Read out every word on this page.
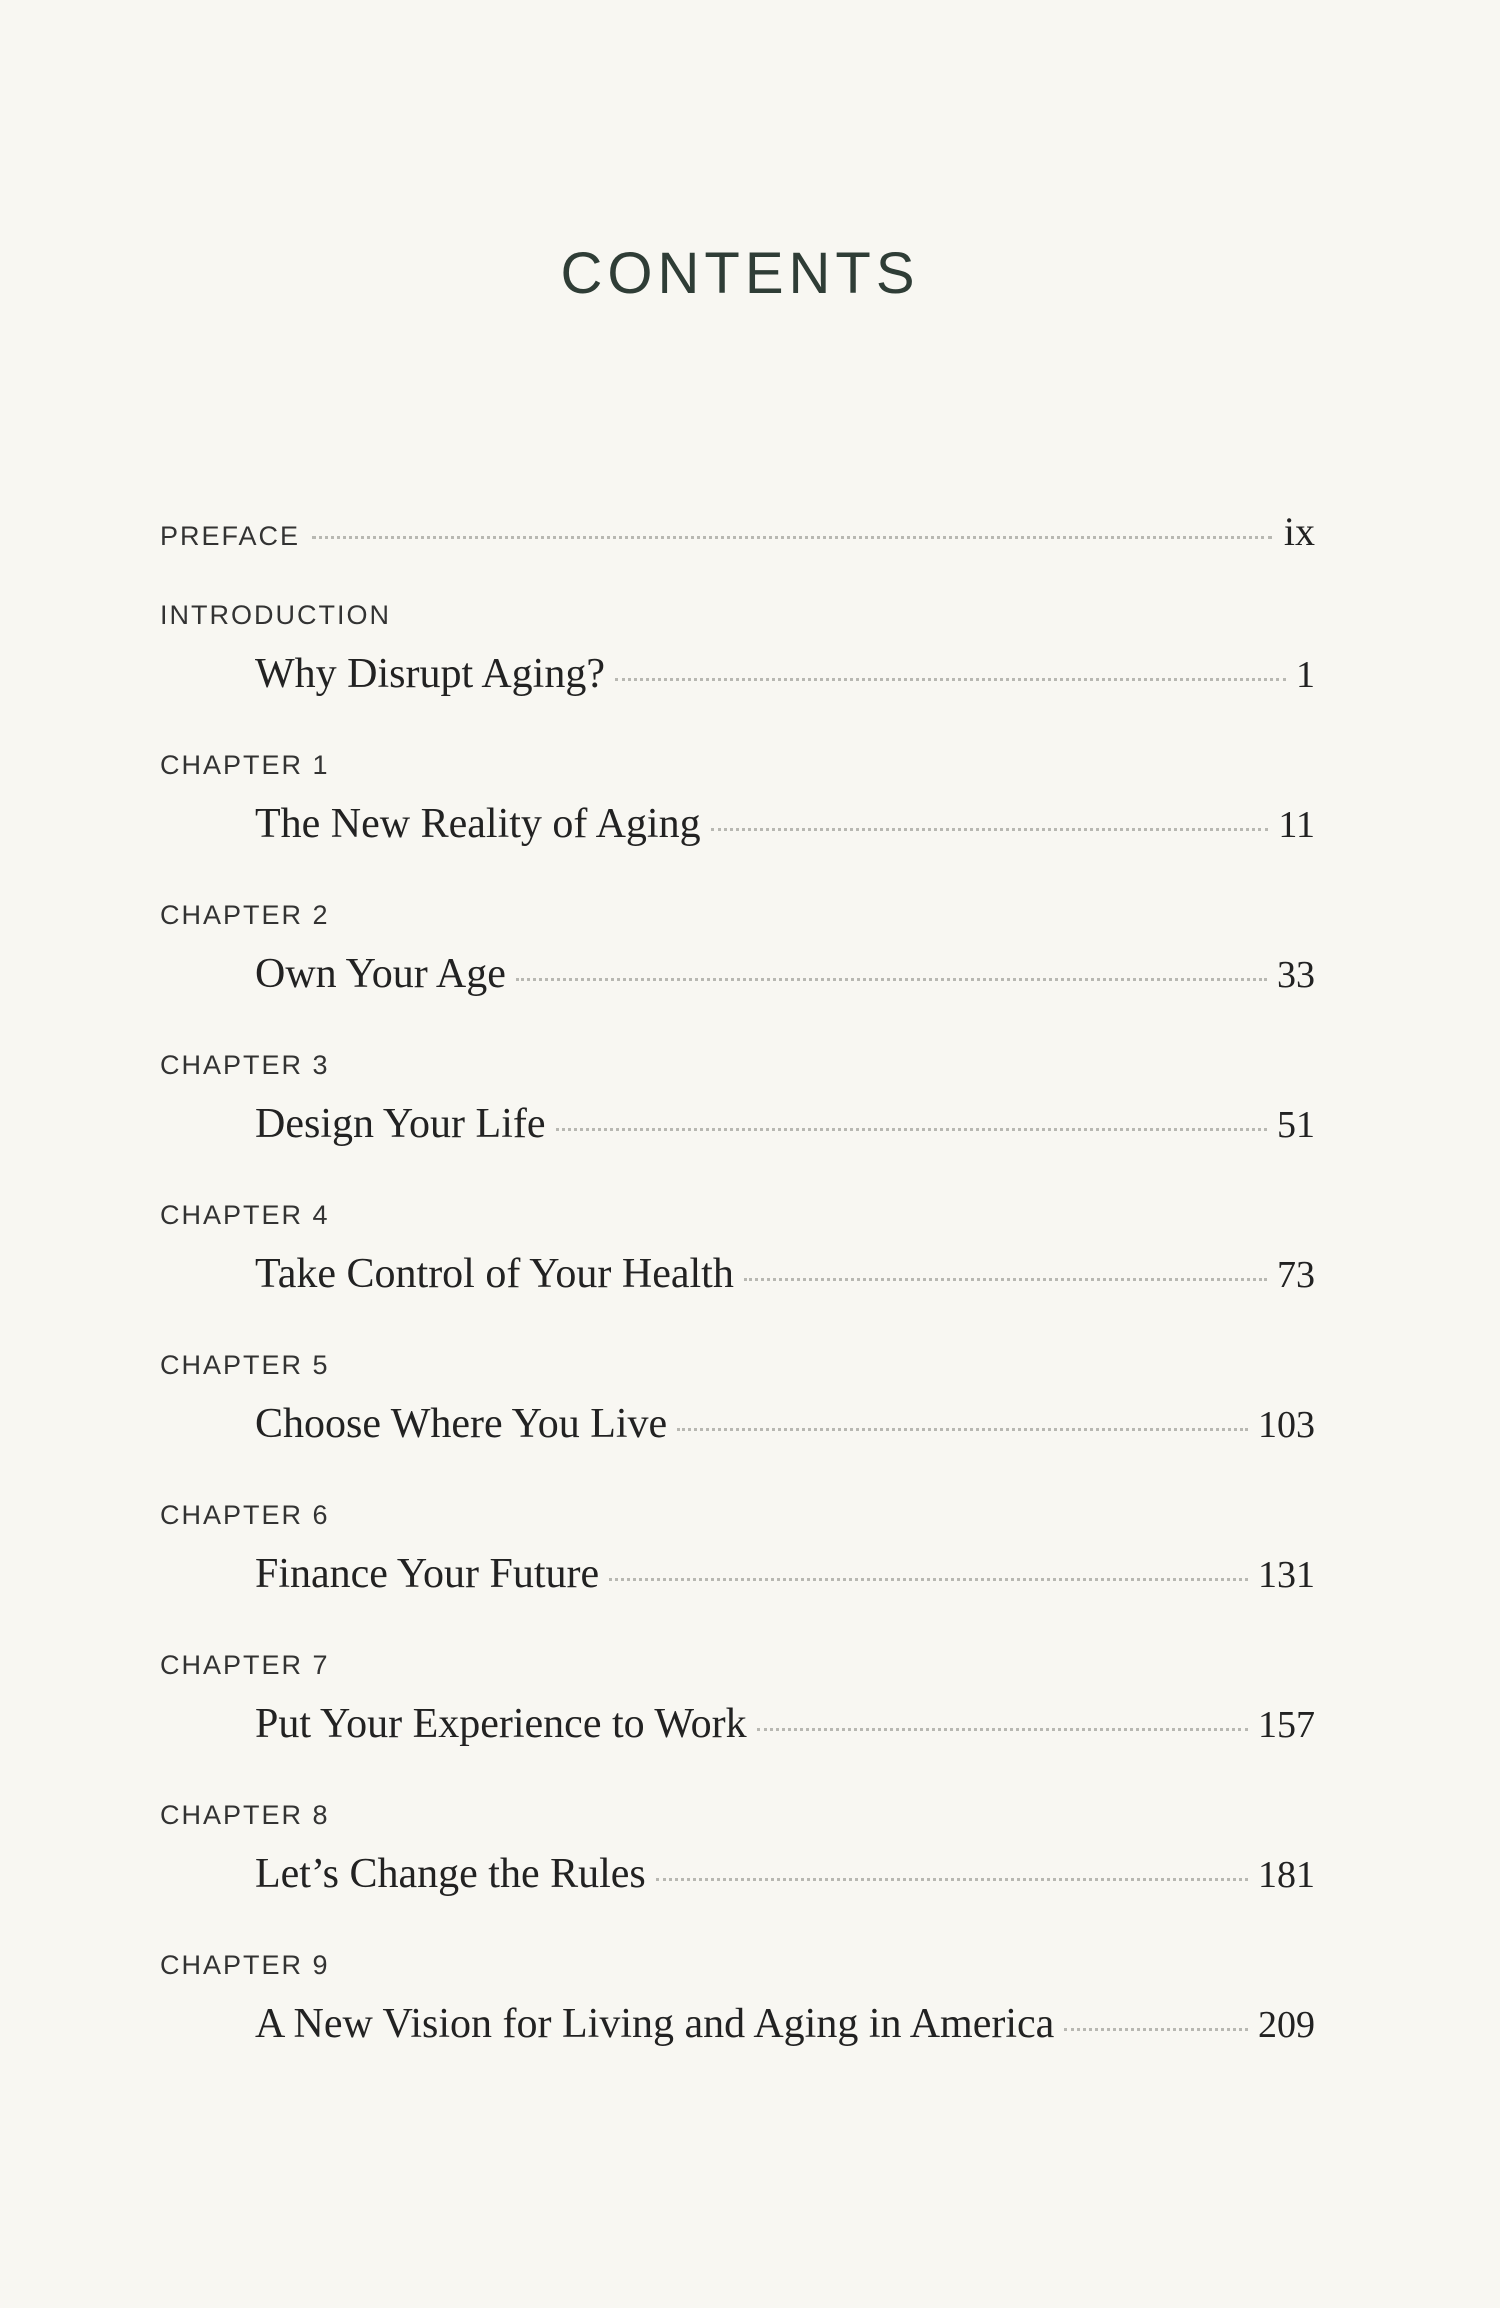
CONTENTS
PREFACE	ix
INTRODUCTION
Why Disrupt Aging?	1
CHAPTER 1
The New Reality of Aging	11
CHAPTER 2
Own Your Age	33
CHAPTER 3
Design Your Life	51
CHAPTER 4
Take Control of Your Health	73
CHAPTER 5
Choose Where You Live	103
CHAPTER 6
Finance Your Future	131
CHAPTER 7
Put Your Experience to Work	157
CHAPTER 8
Let’s Change the Rules	181
CHAPTER 9
A New Vision for Living and Aging in America	209
